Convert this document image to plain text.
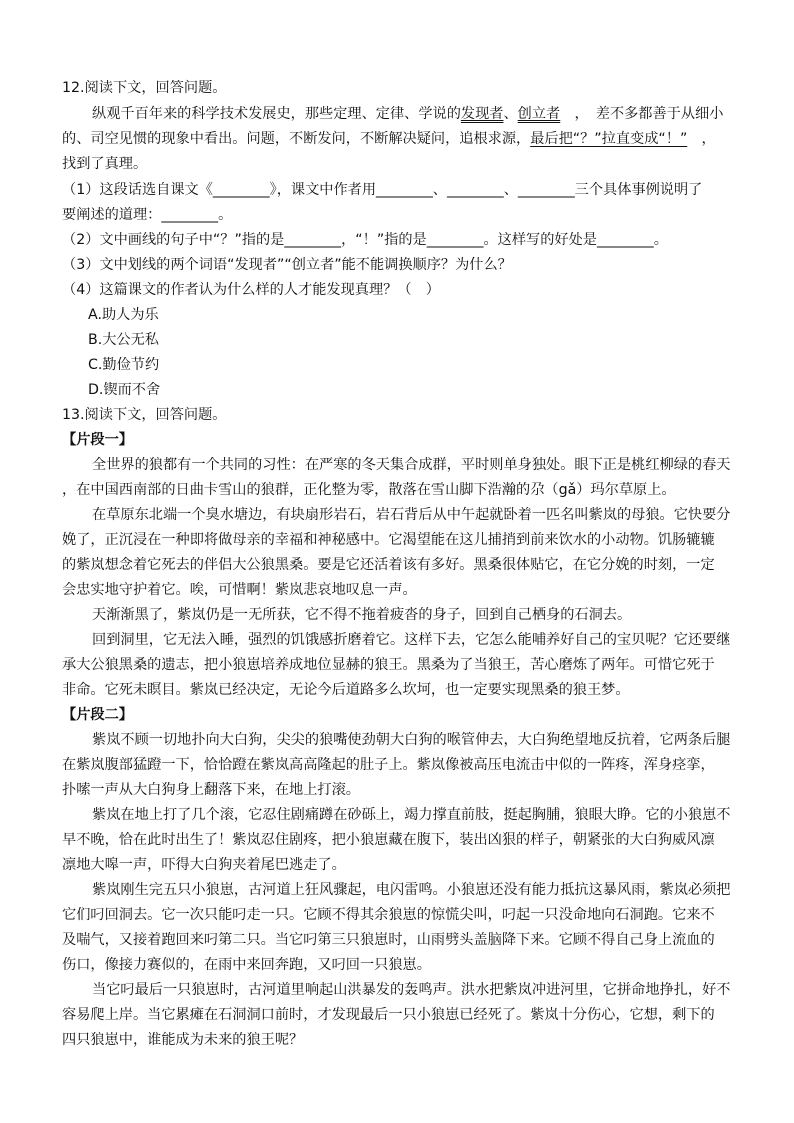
12.阅读下文，回答问题。
纵观千百年来的科学技术发展史，那些定理、定律、学说的发现者、创立者　，　差不多都善于从细小
的、司空见惯的现象中看出。问题，不断发问，不断解决疑问，追根求源，最后把“？”拉直变成“！”　，
找到了真理。
（1）这段话选自课文《________》，课文中作者用________、________、________三个具体事例说明了
要阐述的道理：________。
（2）文中画线的句子中“？”指的是________，“！”指的是________。这样写的好处是________。
（3）文中划线的两个词语“发现者”“创立者”能不能调换顺序？为什么？
（4）这篇课文的作者认为什么样的人才能发现真理？（　）
A.助人为乐
B.大公无私
C.勤俭节约
D.锲而不舍
13.阅读下文，回答问题。
【片段一】
全世界的狼都有一个共同的习性：在严寒的冬天集合成群，平时则单身独处。眼下正是桃红柳绿的春天
，在中国西南部的日曲卡雪山的狼群，正化整为零，散落在雪山脚下浩瀚的尕（gǎ）玛尔草原上。
在草原东北端一个臭水塘边，有块扇形岩石，岩石背后从中午起就卧着一匹名叫紫岚的母狼。它快要分
娩了，正沉浸在一种即将做母亲的幸福和神秘感中。它渴望能在这儿捕捎到前来饮水的小动物。饥肠辘辘
的紫岚想念着它死去的伴侣大公狼黑桑。要是它还活着该有多好。黑桑很体贴它，在它分娩的时刻，一定
会忠实地守护着它。唉，可惜啊！紫岚悲哀地叹息一声。
天渐渐黑了，紫岚仍是一无所获，它不得不拖着疲沓的身子，回到自己栖身的石洞去。
回到洞里，它无法入睡，强烈的饥饿感折磨着它。这样下去，它怎么能哺养好自己的宝贝呢？它还要继
承大公狼黑桑的遗志，把小狼崽培养成地位显赫的狼王。黑桑为了当狼王，苦心磨炼了两年。可惜它死于
非命。它死未瞑目。紫岚已经决定，无论今后道路多么坎坷，也一定要实现黑桑的狼王梦。
【片段二】
紫岚不顾一切地扑向大白狗，尖尖的狼嘴使劲朝大白狗的喉管伸去，大白狗绝望地反抗着，它两条后腿
在紫岚腹部猛蹬一下，恰恰蹬在紫岚高高隆起的肚子上。紫岚像被高压电流击中似的一阵疼，浑身痉挛，
扑嗦一声从大白狗身上翻落下来，在地上打滚。
紫岚在地上打了几个滚，它忍住剧痛蹲在砂砾上，竭力撑直前肢，挺起胸脯，狼眼大睁。它的小狼崽不
早不晚，恰在此时出生了！紫岚忍住剧疼，把小狼崽藏在腹下，装出凶狠的样子，朝紧张的大白狗威风凛
凛地大嗥一声，吓得大白狗夹着尾巴逃走了。
紫岚刚生完五只小狼崽，古河道上狂风骤起，电闪雷鸣。小狼崽还没有能力抵抗这暴风雨，紫岚必须把
它们叼回洞去。它一次只能叼走一只。它顾不得其余狼崽的惊慌尖叫，叼起一只没命地向石洞跑。它来不
及喘气，又接着跑回来叼第二只。当它叼第三只狼崽时，山雨劈头盖脑降下来。它顾不得自己身上流血的
伤口，像接力赛似的，在雨中来回奔跑，又叼回一只狼崽。
当它叼最后一只狼崽时，古河道里响起山洪暴发的轰鸣声。洪水把紫岚冲进河里，它拼命地挣扎，好不
容易爬上岸。当它累瘫在石洞洞口前时，才发现最后一只小狼崽已经死了。紫岚十分伤心，它想，剩下的
四只狼崽中，谁能成为未来的狼王呢？
